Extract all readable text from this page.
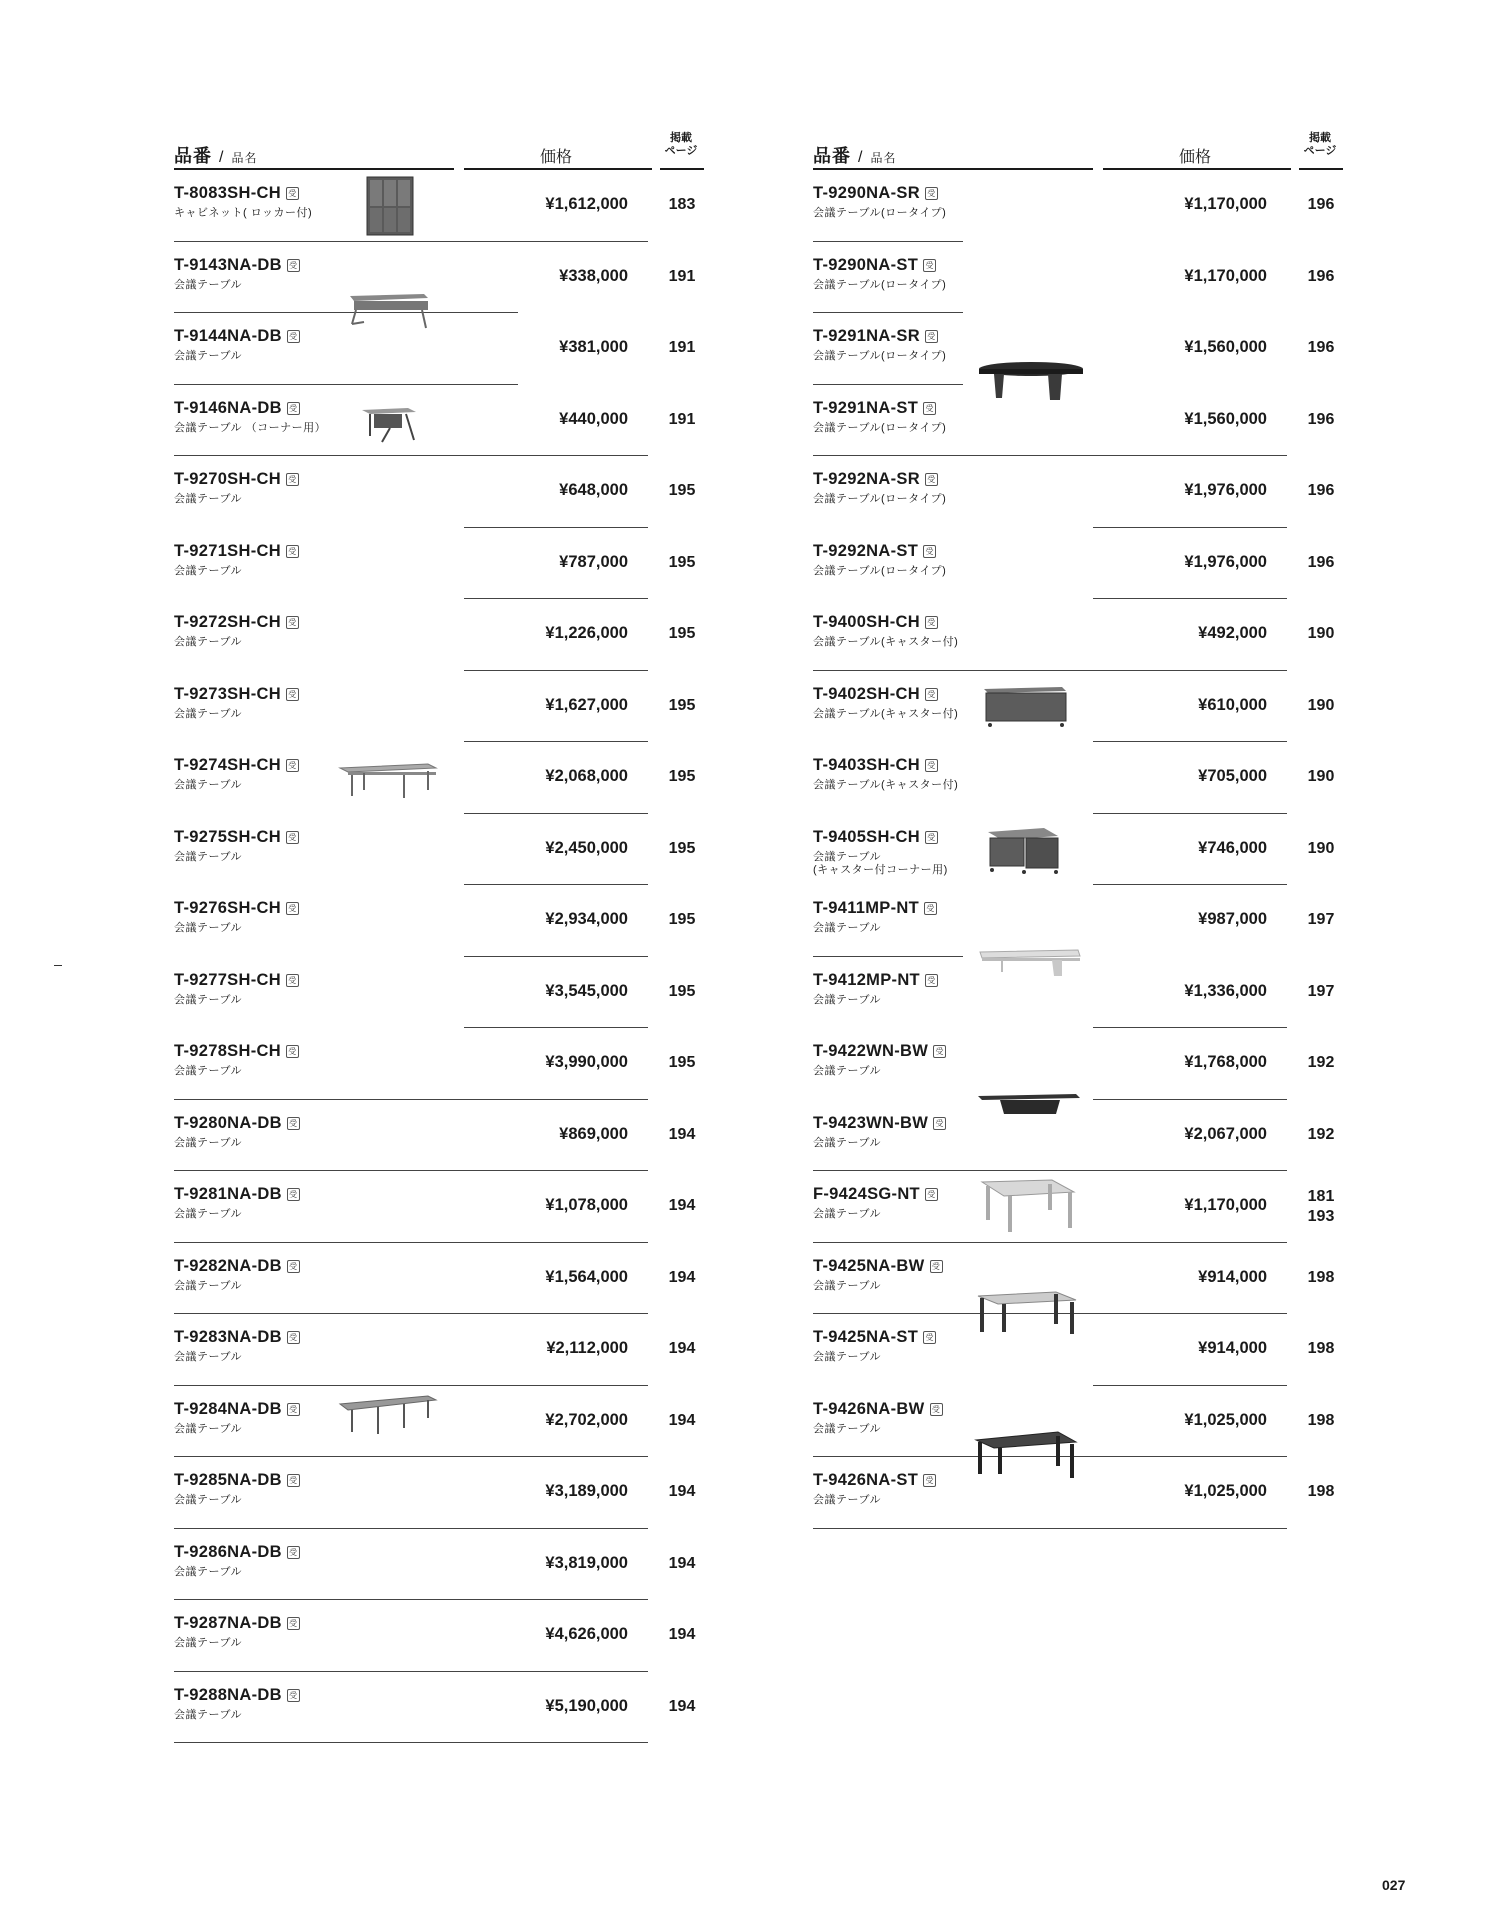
品番 / 品名	価格
掲載
ページ
T-8083SH-CH 受
キャビネット( ロッカー付)	¥1,612,000	183
T-9143NA-DB 受
会議テーブル	¥338,000	191
T-9144NA-DB 受
会議テーブル	¥381,000	191
T-9146NA-DB 受
会議テーブル （コーナー用）	¥440,000	191
T-9270SH-CH 受
会議テーブル	¥648,000	195
T-9271SH-CH 受
会議テーブル	¥787,000	195
T-9272SH-CH 受
会議テーブル	¥1,226,000	195
T-9273SH-CH 受
会議テーブル	¥1,627,000	195
T-9274SH-CH 受
会議テーブル	¥2,068,000	195
T-9275SH-CH 受
会議テーブル	¥2,450,000	195
T-9276SH-CH 受
会議テーブル	¥2,934,000	195
T-9277SH-CH 受
会議テーブル	¥3,545,000	195
T-9278SH-CH 受
会議テーブル	¥3,990,000	195
T-9280NA-DB 受
会議テーブル	¥869,000	194
T-9281NA-DB 受
会議テーブル	¥1,078,000	194
T-9282NA-DB 受
会議テーブル	¥1,564,000	194
T-9283NA-DB 受
会議テーブル	¥2,112,000	194
T-9284NA-DB 受
会議テーブル	¥2,702,000	194
T-9285NA-DB 受
会議テーブル	¥3,189,000	194
T-9286NA-DB 受
会議テーブル	¥3,819,000	194
T-9287NA-DB 受
会議テーブル	¥4,626,000	194
T-9288NA-DB 受
会議テーブル	¥5,190,000	194
品番 / 品名	価格
掲載
ページ
T-9290NA-SR 受
会議テーブル(ロータイプ)	¥1,170,000	196
T-9290NA-ST 受
会議テーブル(ロータイプ)	¥1,170,000	196
T-9291NA-SR 受
会議テーブル(ロータイプ)	¥1,560,000	196
T-9291NA-ST 受
会議テーブル(ロータイプ)	¥1,560,000	196
T-9292NA-SR 受
会議テーブル(ロータイプ)	¥1,976,000	196
T-9292NA-ST 受
会議テーブル(ロータイプ)	¥1,976,000	196
T-9400SH-CH 受
会議テーブル(キャスター付)	¥492,000	190
T-9402SH-CH 受
会議テーブル(キャスター付)	¥610,000	190
T-9403SH-CH 受
会議テーブル(キャスター付)	¥705,000	190
T-9405SH-CH 受
会議テーブル
(キャスター付コーナー用)
¥746,000	190
T-9411MP-NT 受
会議テーブル	¥987,000	197
T-9412MP-NT 受
会議テーブル	¥1,336,000	197
T-9422WN-BW 受
会議テーブル	¥1,768,000	192
T-9423WN-BW 受
会議テーブル	¥2,067,000	192
F-9424SG-NT 受
会議テーブル	¥1,170,000	181
193
T-9425NA-BW 受
会議テーブル	¥914,000	198
T-9425NA-ST 受
会議テーブル	¥914,000	198
T-9426NA-BW 受
会議テーブル	¥1,025,000	198
T-9426NA-ST 受
会議テーブル	¥1,025,000	198
027
